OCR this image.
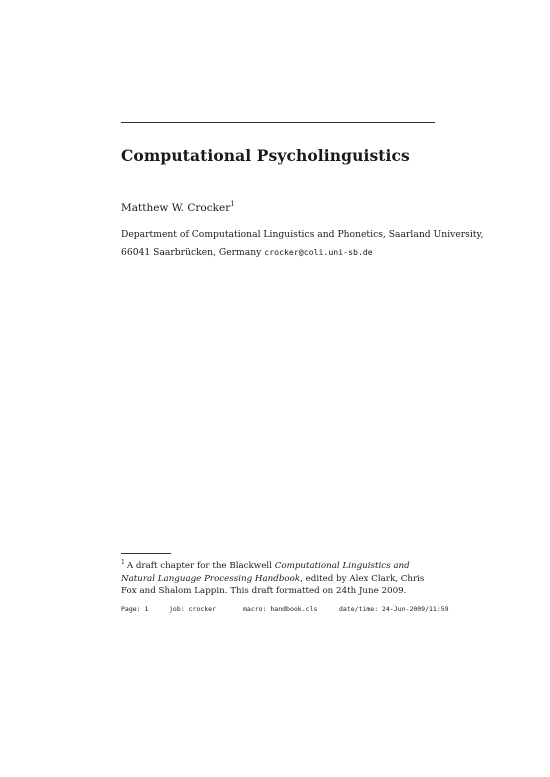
Computational Psycholinguistics
Matthew W. Crocker$^1$
Department of Computational Linguistics and Phonetics, Saarland University,
66041 Saarbrücken, Germany crocker@coli.uni-sb.de
$^1$ A draft chapter for the Blackwell Computational Linguistics and Natural Language Processing Handbook, edited by Alex Clark, Chris Fox and Shalom Lappin. This draft formatted on 24th June 2009.
Page: 1	job: crocker	macro: handbook.cls	date/time: 24-Jun-2009/11:59
